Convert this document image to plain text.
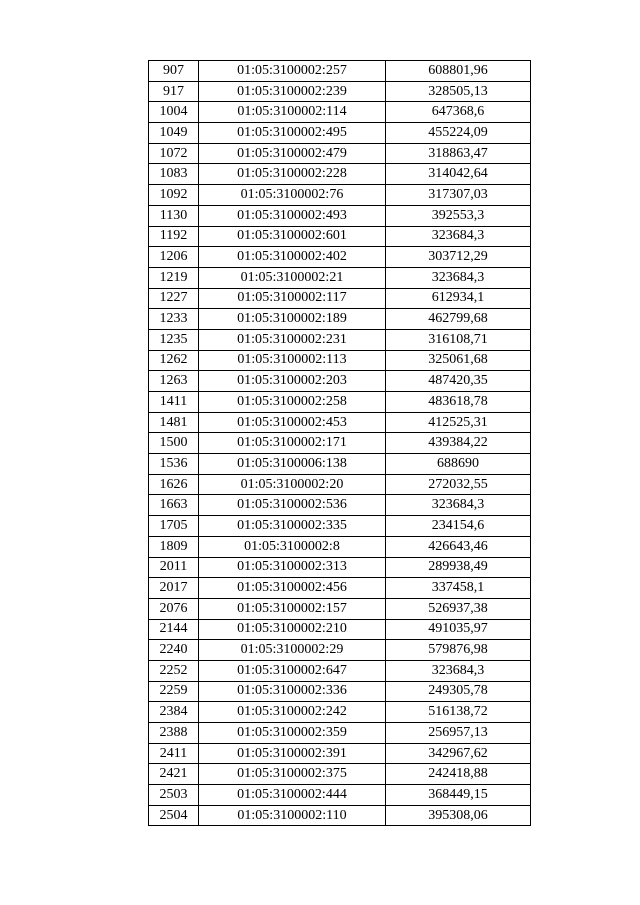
907	01:05:3100002:257	608801,96
917	01:05:3100002:239	328505,13
1004	01:05:3100002:114	647368,6
1049	01:05:3100002:495	455224,09
1072	01:05:3100002:479	318863,47
1083	01:05:3100002:228	314042,64
1092	01:05:3100002:76	317307,03
1130	01:05:3100002:493	392553,3
1192	01:05:3100002:601	323684,3
1206	01:05:3100002:402	303712,29
1219	01:05:3100002:21	323684,3
1227	01:05:3100002:117	612934,1
1233	01:05:3100002:189	462799,68
1235	01:05:3100002:231	316108,71
1262	01:05:3100002:113	325061,68
1263	01:05:3100002:203	487420,35
1411	01:05:3100002:258	483618,78
1481	01:05:3100002:453	412525,31
1500	01:05:3100002:171	439384,22
1536	01:05:3100006:138	688690
1626	01:05:3100002:20	272032,55
1663	01:05:3100002:536	323684,3
1705	01:05:3100002:335	234154,6
1809	01:05:3100002:8	426643,46
2011	01:05:3100002:313	289938,49
2017	01:05:3100002:456	337458,1
2076	01:05:3100002:157	526937,38
2144	01:05:3100002:210	491035,97
2240	01:05:3100002:29	579876,98
2252	01:05:3100002:647	323684,3
2259	01:05:3100002:336	249305,78
2384	01:05:3100002:242	516138,72
2388	01:05:3100002:359	256957,13
2411	01:05:3100002:391	342967,62
2421	01:05:3100002:375	242418,88
2503	01:05:3100002:444	368449,15
2504	01:05:3100002:110	395308,06
